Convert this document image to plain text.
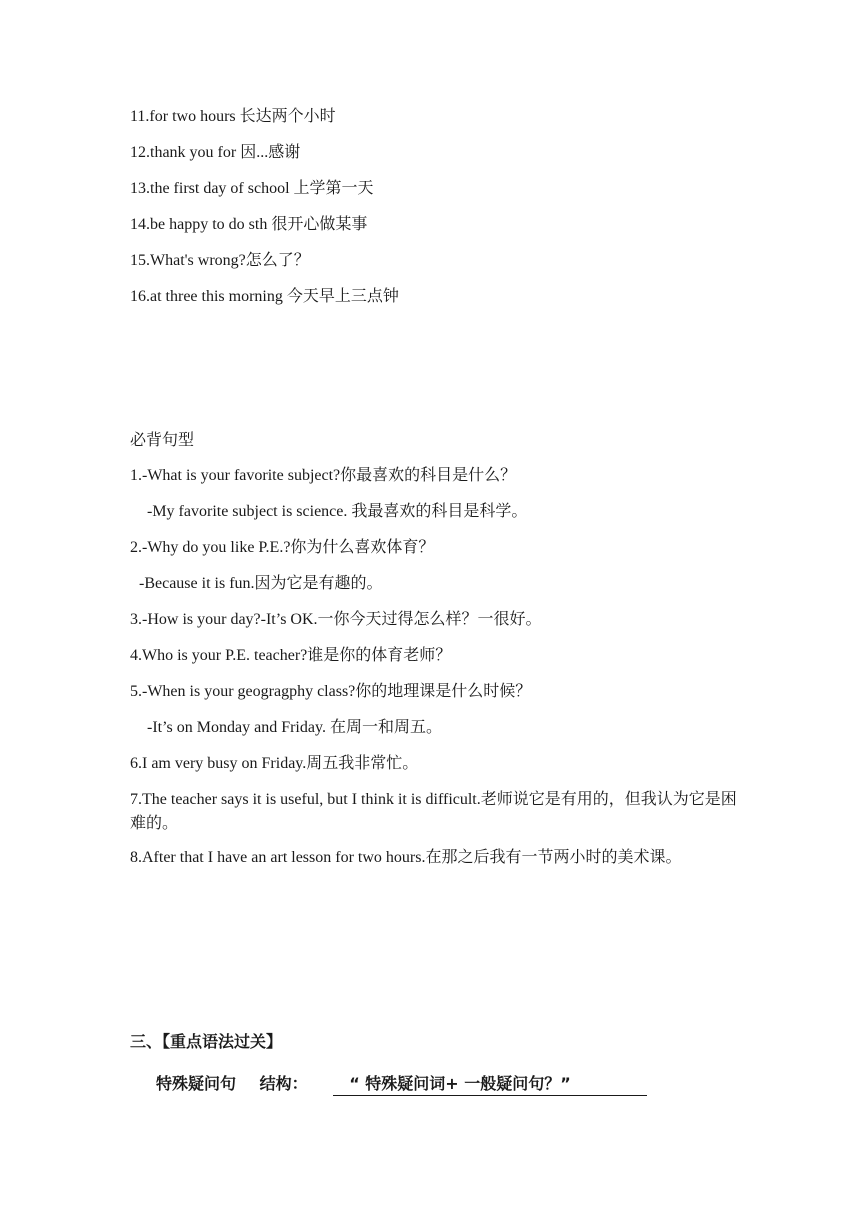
11.for two hours 长达两个小时
12.thank you for 因...感谢
13.the first day of school 上学第一天
14.be happy to do sth 很开心做某事
15.What's wrong?怎么了？
16.at three this morning 今天早上三点钟
必背句型
1.-What is your favorite subject?你最喜欢的科目是什么？
-My favorite subject is science. 我最喜欢的科目是科学。
2.-Why do you like P.E.?你为什么喜欢体育？
-Because it is fun.因为它是有趣的。
3.-How is your day?-It’s OK.一你今天过得怎么样？一很好。
4.Who is your P.E. teacher?谁是你的体育老师？
5.-When is your geogragphy class?你的地理课是什么时候？
-It’s on Monday and Friday. 在周一和周五。
6.I am very busy on Friday.周五我非常忙。
7.The teacher says it is useful, but I think it is difficult.老师说它是有用的，但我认为它是困难的。
8.After that I have an art lesson for two hours.在那之后我有一节两小时的美术课。
三、【重点语法过关】
特殊疑问句 结构：	“ 特殊疑问词+ 一般疑问句？”
